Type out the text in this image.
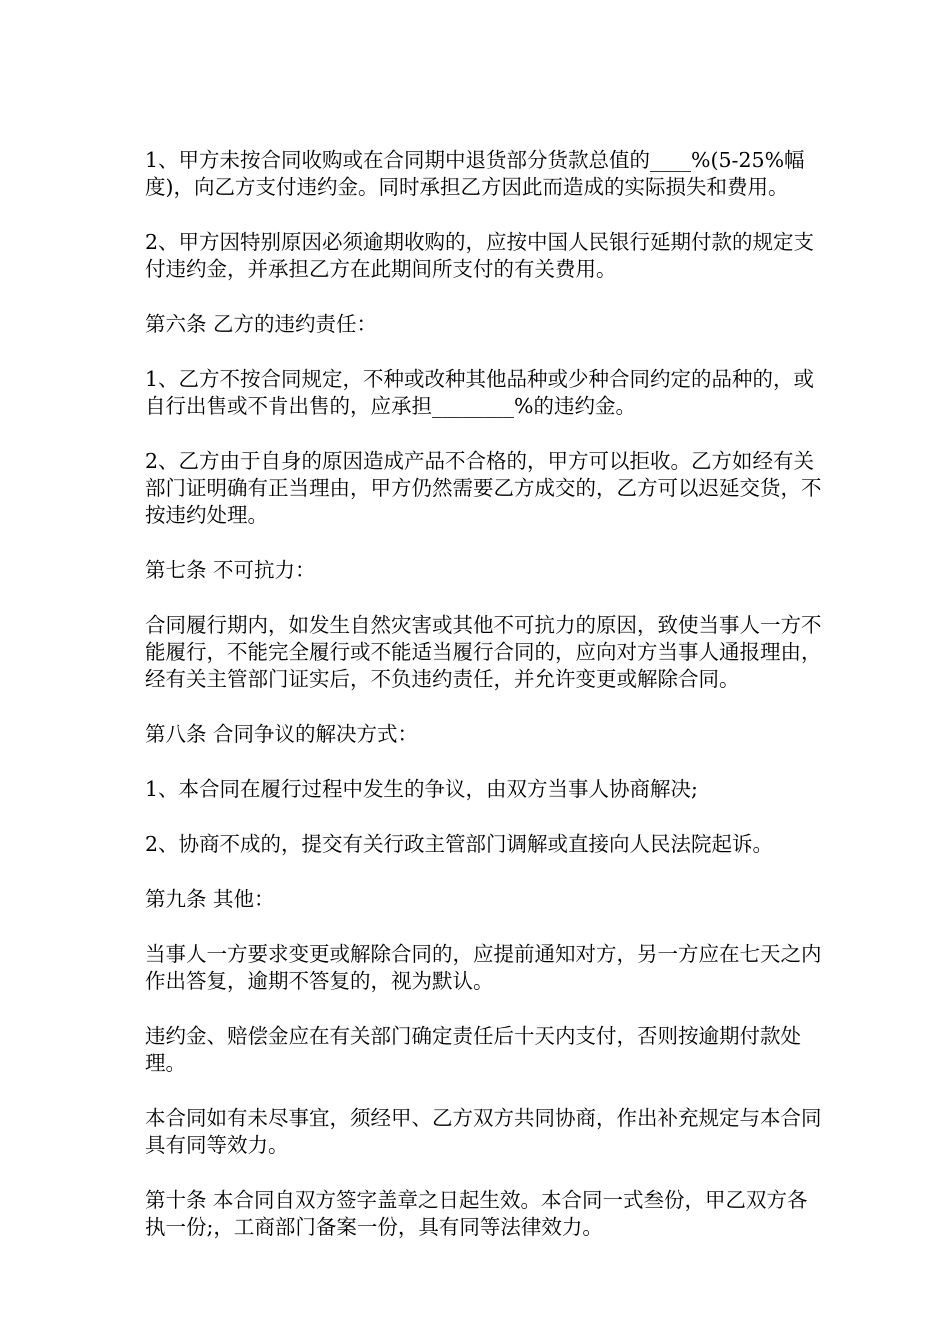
1、甲方未按合同收购或在合同期中退货部分货款总值的____%(5-25%幅度)，向乙方支付违约金。同时承担乙方因此而造成的实际损失和费用。

2、甲方因特别原因必须逾期收购的，应按中国人民银行延期付款的规定支付违约金，并承担乙方在此期间所支付的有关费用。

第六条 乙方的违约责任：

1、乙方不按合同规定，不种或改种其他品种或少种合同约定的品种的，或自行出售或不肯出售的，应承担________%的违约金。

2、乙方由于自身的原因造成产品不合格的，甲方可以拒收。乙方如经有关部门证明确有正当理由，甲方仍然需要乙方成交的，乙方可以迟延交货，不按违约处理。

第七条 不可抗力：

合同履行期内，如发生自然灾害或其他不可抗力的原因，致使当事人一方不能履行，不能完全履行或不能适当履行合同的，应向对方当事人通报理由，经有关主管部门证实后，不负违约责任，并允许变更或解除合同。

第八条 合同争议的解决方式：

1、本合同在履行过程中发生的争议，由双方当事人协商解决;

2、协商不成的，提交有关行政主管部门调解或直接向人民法院起诉。

第九条 其他：

当事人一方要求变更或解除合同的，应提前通知对方，另一方应在七天之内作出答复，逾期不答复的，视为默认。

违约金、赔偿金应在有关部门确定责任后十天内支付，否则按逾期付款处理。

本合同如有未尽事宜，须经甲、乙方双方共同协商，作出补充规定与本合同具有同等效力。

第十条 本合同自双方签字盖章之日起生效。本合同一式叁份，甲乙双方各执一份;，工商部门备案一份，具有同等法律效力。
